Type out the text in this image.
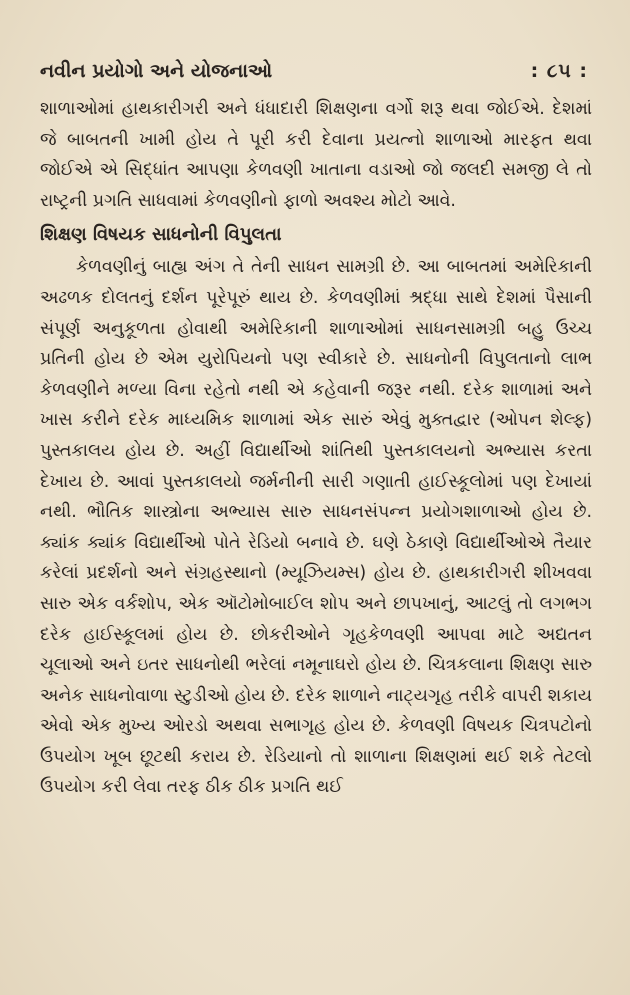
નવીન પ્રયોગો અને યોજનાઓ	: ૮૫ :

શાળાઓમાં હાથકારીગરી અને ધંધાદારી શિક્ષણના વર્ગો શરૂ થવા જોઈએ. દેશમાં જે બાબતની ખામી હોય તે પૂરી કરી દેવાના પ્રયત્નો શાળાઓ મારફત થવા જોઈએ એ સિદ્ધાંત આપણા કેળવણી ખાતાના વડાઓ જો જલદી સમજી લે તો રાષ્ટ્રની પ્રગતિ સાધવામાં કેળવણીનો ફાળો અવશ્ય મોટો આવે.

શિક્ષણ વિષયક સાધનોની વિપુલતા

કેળવણીનું બાહ્ય અંગ તે તેની સાધન સામગ્રી છે. આ બાબતમાં અમેરિકાની અઢળક દોલતનું દર્શન પૂરેપૂરું થાય છે. કેળવણીમાં શ્રદ્ધા સાથે દેશમાં પૈસાની સંપૂર્ણ અનુકૂળતા હોવાથી અમેરિકાની શાળાઓમાં સાધનસામગ્રી બહુ ઉચ્ચ પ્રતિની હોય છે એમ યુરોપિયનો પણ સ્વીકારે છે. સાધનોની વિપુલતાનો લાભ કેળવણીને મળ્યા વિના રહેતો નથી એ કહેવાની જરૂર નથી. દરેક શાળામાં અને ખાસ કરીને દરેક માધ્યમિક શાળામાં એક સારું એવું મુક્તદ્વાર (ઓપન શેલ્ફ) પુસ્તકાલય હોય છે. અહીં વિદ્યાર્થીઓ શાંતિથી પુસ્તકાલયનો અભ્યાસ કરતા દેખાય છે. આવાં પુસ્તકાલયો જર્મનીની સારી ગણાતી હાઈસ્કૂલોમાં પણ દેખાયાં નથી. ભૌતિક શાસ્ત્રોના અભ્યાસ સારુ સાધનસંપન્ન પ્રયોગશાળાઓ હોય છે. ક્યાંક ક્યાંક વિદ્યાર્થીઓ પોતે રેડિયો બનાવે છે. ઘણે ઠેકાણે વિદ્યાર્થીઓએ તૈયાર કરેલાં પ્રદર્શનો અને સંગ્રહસ્થાનો (મ્યૂઝિયમ્સ) હોય છે. હાથકારીગરી શીખવવા સારુ એક વર્કશોપ, એક ઑટોમોબાઈલ શોપ અને છાપખાનું, આટલું તો લગભગ દરેક હાઈસ્કૂલમાં હોય છે. છોકરીઓને ગૃહકેળવણી આપવા માટે અદ્યતન ચૂલાઓ અને ઇતર સાધનોથી ભરેલાં નમૂનાઘરો હોય છે. ચિત્રકલાના શિક્ષણ સારુ અનેક સાધનોવાળા સ્ટુડીઓ હોય છે. દરેક શાળાને નાટ્યગૃહ તરીકે વાપરી શકાય એવો એક મુખ્ય ઓરડો અથવા સભાગૃહ હોય છે. કેળવણી વિષયક ચિત્રપટોનો ઉપયોગ ખૂબ છૂટથી કરાય છે. રેડિયાનો તો શાળાના શિક્ષણમાં થઈ શકે તેટલો ઉપયોગ કરી લેવા તરફ ઠીક ઠીક પ્રગતિ થઈ
